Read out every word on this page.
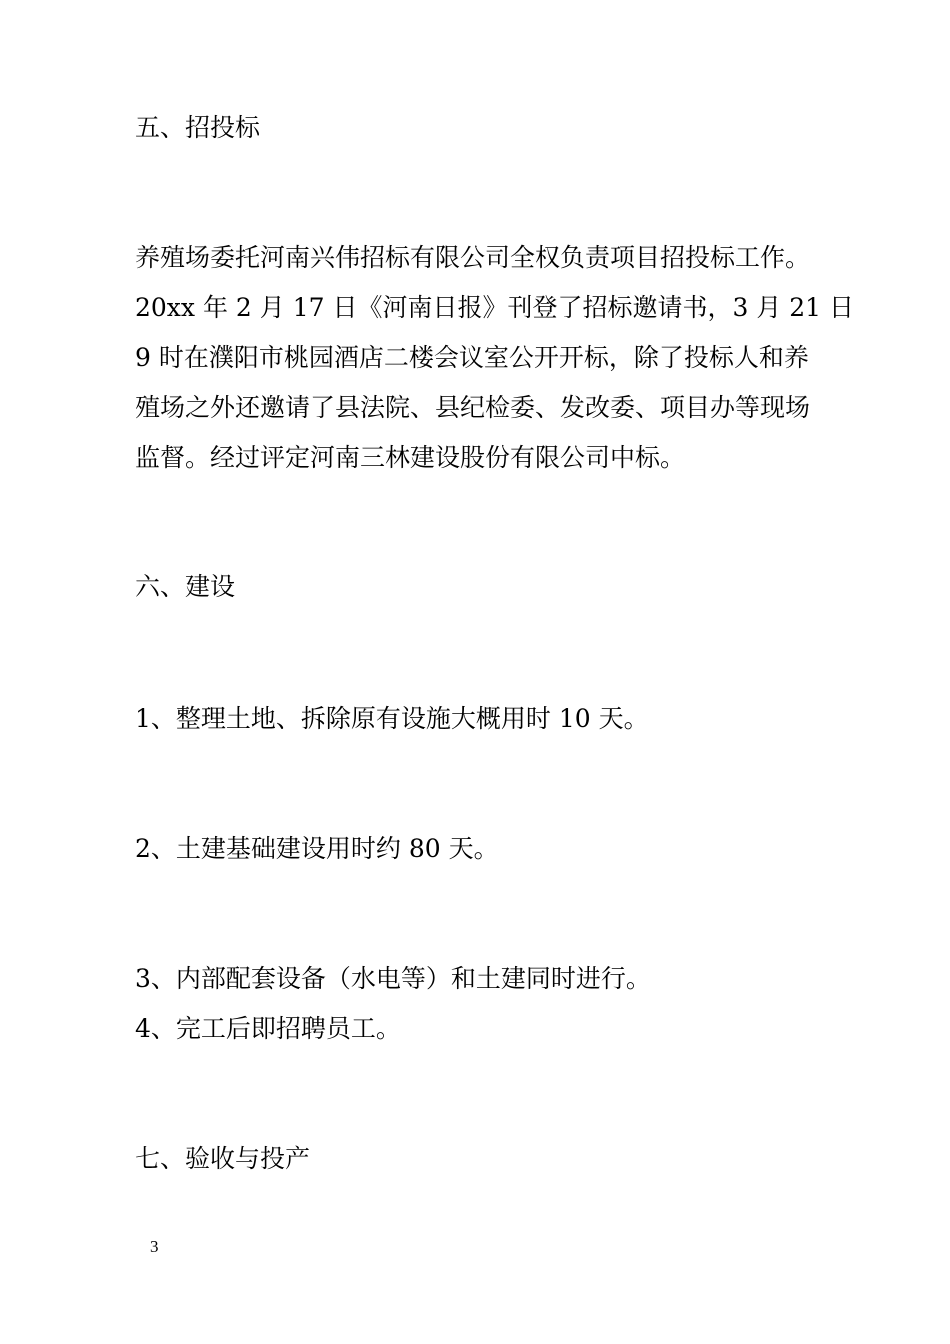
五、招投标

养殖场委托河南兴伟招标有限公司全权负责项目招投标工作。

20xx 年 2 月 17 日《河南日报》刊登了招标邀请书，3 月 21 日

9 时在濮阳市桃园酒店二楼会议室公开开标，除了投标人和养

殖场之外还邀请了县法院、县纪检委、发改委、项目办等现场

监督。经过评定河南三林建设股份有限公司中标。

六、建设

1、整理土地、拆除原有设施大概用时 10 天。

2、土建基础建设用时约 80 天。

3、内部配套设备（水电等）和土建同时进行。

4、完工后即招聘员工。

七、验收与投产

3
